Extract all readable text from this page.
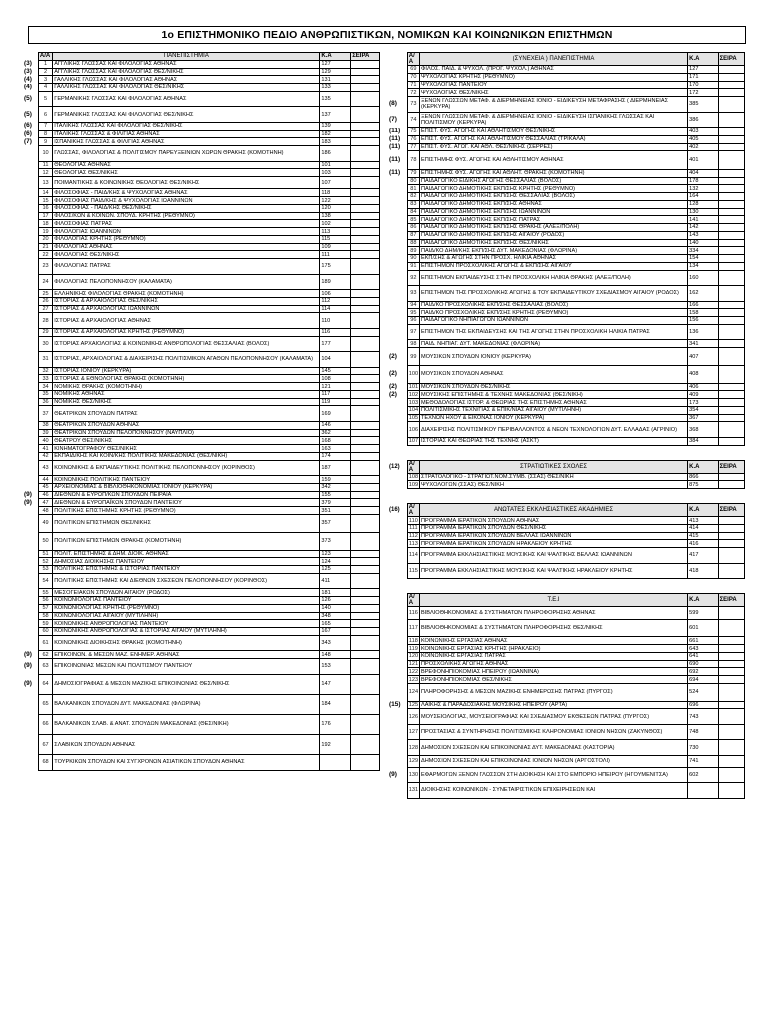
1ο ΕΠΙΣΤΗΜΟΝΙΚΟ ΠΕΔΙΟ ΑΝΘΡΩΠΙΣΤΙΚΩΝ, ΝΟΜΙΚΩΝ ΚΑΙ ΚΟΙΝΩΝΙΚΩΝ ΕΠΙΣΤΗΜΩΝ
	Α/Α	ΠΑΝΕΠΙΣΤΗΜΙΑ	Κ.Α	ΣΕΙΡΑ
(3)	1	ΑΓΓΛΙΚΗΣ ΓΛΩΣΣΑΣ ΚΑΙ ΦΙΛΟΛΟΓΙΑΣ ΑΘΗΝΑΣ	127	
(3)	2	ΑΓΓΛΙΚΗΣ ΓΛΩΣΣΑΣ ΚΑΙ ΦΙΛΟΛΟΓΙΑΣ ΘΕΣ/ΝΙΚΗΣ	129	
(4)	3	ΓΑΛΛΙΚΗΣ ΓΛΩΣΣΑΣ ΚΑΙ ΦΙΛΟΛΟΓΙΑΣ ΑΘΗΝΑΣ	131	
(4)	4	ΓΑΛΛΙΚΗΣ ΓΛΩΣΣΑΣ ΚΑΙ ΦΙΛΟΛΟΓΙΑΣ ΘΕΣ/ΝΙΚΗΣ	133	
(5)	5	ΓΕΡΜΑΝΙΚΗΣ ΓΛΩΣΣΑΣ ΚΑΙ ΦΙΛΟΛΟΓΙΑΣ ΑΘΗΝΑΣ	135	
(5)	6	ΓΕΡΜΑΝΙΚΗΣ ΓΛΩΣΣΑΣ ΚΑΙ ΦΙΛΟΛΟΓΙΑΣ ΘΕΣ/ΝΙΚΗΣ	137	
(6)	7	ΙΤΑΛΙΚΗΣ ΓΛΩΣΣΑΣ ΚΑΙ ΦΙΛΟΛΟΓΙΑΣ ΘΕΣ/ΝΙΚΗΣ	139	
(6)	8	ΙΤΑΛΙΚΗΣ ΓΛΩΣΣΑΣ & ΦΙΛ/ΓΙΑΣ ΑΘΗΝΑΣ	182	
(7)	9	ΙΣΠΑΝΙΚΗΣ ΓΛΩΣΣΑΣ & ΦΙΛ/ΓΙΑΣ ΑΘΗΝΑΣ	183	
	10	ΓΛΩΣΣΑΣ, ΦΙΛΟΛΟΓΙΑΣ & ΠΟΛΙΤΙΣΜΟΥ ΠΑΡΕΥΞΕΙΝΙΩΝ ΧΩΡΩΝ ΘΡΑΚΗΣ (ΚΟΜΟΤΗΝΗ)	186	
	11	ΘΕΟΛΟΓΙΑΣ ΑΘΗΝΑΣ	101	
	12	ΘΕΟΛΟΓΙΑΣ ΘΕΣ/ΝΙΚΗΣ	103	
	13	ΠΟΙΜΑΝΤΙΚΗΣ & ΚΟΙΝΩΝΙΚΗΣ ΘΕΟΛΟΓΙΑΣ ΘΕΣ/ΝΙΚΗΣ	107	
	14	ΦΙΛΟΣΟΦΙΑΣ - ΠΑΙΔ/ΚΗΣ & ΨΥΧΟΛΟΓΙΑΣ ΑΘΗΝΑΣ	118	
	15	ΦΙΛΟΣΟΦΙΑΣ ΠΑΙΔ/ΚΗΣ & ΨΥΧΟΛΟΓΙΑΣ ΙΩΑΝΝΙΝΩΝ	122	
	16	ΦΙΛΟΣΟΦΙΑΣ - ΠΑΙΔ/ΚΗΣ ΘΕΣ/ΝΙΚΗΣ	120	
	17	ΦΙΛΟΣ/ΚΩΝ & ΚΟΙΝΩΝ. ΣΠΟΥΔ. ΚΡΗΤΗΣ (ΡΕΘΥΜΝΟ)	138	
	18	ΦΙΛΟΣΟΦΙΑΣ ΠΑΤΡΑΣ	102	
	19	ΦΙΛΟΛΟΓΙΑΣ ΙΩΑΝΝΙΝΩΝ	113	
	20	ΦΙΛΟΛΟΓΙΑΣ ΚΡΗΤΗΣ (ΡΕΘΥΜΝΟ)	115	
	21	ΦΙΛΟΛΟΓΙΑΣ ΑΘΗΝΑΣ	109	
	22	ΦΙΛΟΛΟΓΙΑΣ ΘΕΣ/ΝΙΚΗΣ	111	
	23	ΦΙΛΟΛΟΓΙΑΣ ΠΑΤΡΑΣ	175	
	24	ΦΙΛΟΛΟΓΙΑΣ ΠΕΛΟΠΟΝΝΗΣΟΥ (ΚΑΛΑΜΑΤΑ)	189	
	25	ΕΛΛΗΝΙΚΗΣ ΦΙΛΟΛΟΓΙΑΣ ΘΡΑΚΗΣ (ΚΟΜΟΤΗΝΗ)	106	
	26	ΙΣΤΟΡΙΑΣ & ΑΡΧΑΙΟΛΟΓΙΑΣ ΘΕΣ/ΝΙΚΗΣ	112	
	27	ΙΣΤΟΡΙΑΣ & ΑΡΧΑΙΟΛΟΓΙΑΣ ΙΩΑΝΝΙΝΩΝ	114	
	28	ΙΣΤΟΡΙΑΣ & ΑΡΧΑΙΟΛΟΓΙΑΣ ΑΘΗΝΑΣ	110	
	29	ΙΣΤΟΡΙΑΣ & ΑΡΧΑΙΟΛΟΓΙΑΣ ΚΡΗΤΗΣ (ΡΕΘΥΜΝΟ)	116	
	30	ΙΣΤΟΡΙΑΣ ΑΡΧΑΙΟΛΟΓΙΑΣ & ΚΟΙΝΩΝΙΚΗΣ ΑΝΘΡΩΠΟΛΟΓΙΑΣ ΘΕΣΣΑΛΙΑΣ (ΒΟΛΟΣ)	177	
	31	ΙΣΤΟΡΙΑΣ, ΑΡΧΑΙΟΛΟΓΙΑΣ & ΔΙΑΧΕΙΡΙΣΗΣ ΠΟΛΙΤΙΣΜΙΚΩΝ ΑΓΑΘΩΝ ΠΕΛΟΠΟΝΝΗΣΟΥ (ΚΑΛΑΜΑΤΑ)	104	
	32	ΙΣΤΟΡΙΑΣ ΙΟΝΙΟΥ (ΚΕΡΚΥΡΑ)	145	
	33	ΙΣΤΟΡΙΑΣ & ΕΘΝΟΛΟΓΙΑΣ ΘΡΑΚΗΣ (ΚΟΜΟΤΗΝΗ)	108	
	34	ΝΟΜΙΚΗΣ ΘΡΑΚΗΣ (ΚΟΜΟΤΗΝΗ)	121	
	35	ΝΟΜΙΚΗΣ ΑΘΗΝΑΣ	117	
	36	ΝΟΜΙΚΗΣ ΘΕΣ/ΝΙΚΗΣ	119	
	37	ΘΕΑΤΡΙΚΩΝ ΣΠΟΥΔΩΝ ΠΑΤΡΑΣ	169	
	38	ΘΕΑΤΡΙΚΩΝ ΣΠΟΥΔΩΝ ΑΘΗΝΑΣ	146	
	39	ΘΕΑΤΡΙΚΩΝ ΣΠΟΥΔΩΝ ΠΕΛΟΠΟΝΝΗΣΟΥ (ΝΑΥΠΛΙΟ)	362	
	40	ΘΕΑΤΡΟΥ ΘΕΣ/ΝΙΚΗΣ	168	
	41	ΚΙΝΗΜΑΤΟΓΡΑΦΟΥ ΘΕΣ/ΝΙΚΗΣ	163	
	42	ΕΚΠΑΙΔ/ΚΗΣ ΚΑΙ ΚΟΙΝ/ΚΗΣ ΠΟΛΙΤΙΚΗΣ ΜΑΚΕΔΟΝΙΑΣ (ΘΕΣ/ΝΙΚΗ)	174	
	43	ΚΟΙΝΩΝΙΚΗΣ & ΕΚΠΑΙΔΕΥΤΙΚΗΣ ΠΟΛΙΤΙΚΗΣ ΠΕΛΟΠΟΝΝΗΣΟΥ (ΚΟΡΙΝΘΟΣ)	187	
	44	ΚΟΙΝΩΝΙΚΗΣ ΠΟΛΙΤΙΚΗΣ ΠΑΝΤΕΙΟΥ	159	
	45	ΑΡΧΕΙΟΝΟΜΙΑΣ & ΒΙΒΛΙΟΘΗΚΟΝΟΜΙΑΣ ΙΟΝΙΟΥ (ΚΕΡΚΥΡΑ)	342	
(9)	46	ΔΙΕΘΝΩΝ & ΕΥΡΩΠ/ΚΩΝ ΣΠΟΥΔΩΝ ΠΕΙΡΑΙΑ	155	
(9)	47	ΔΙΕΘΝΩΝ & ΕΥΡΩΠΑΪΚΩΝ ΣΠΟΥΔΩΝ ΠΑΝΤΕΙΟΥ	379	
	48	ΠΟΛΙΤΙΚΗΣ ΕΠΙΣΤΗΜΗΣ ΚΡΗΤΗΣ (ΡΕΘΥΜΝΟ)	351	
	49	ΠΟΛΙΤΙΚΩΝ ΕΠΙΣΤΗΜΩΝ ΘΕΣ/ΝΙΚΗΣ	357	
	50	ΠΟΛΙΤΙΚΩΝ ΕΠΙΣΤΗΜΩΝ ΘΡΑΚΗΣ (ΚΟΜΟΤΗΝΗ)	373	
	51	ΠΟΛΙΤ. ΕΠΙΣΤΗΜΗΣ & ΔΗΜ. ΔΙΟΙΚ. ΑΘΗΝΑΣ	123	
	52	ΔΗΜΟΣΙΑΣ ΔΙΟΙΚΗΣΗΣ ΠΑΝΤΕΙΟΥ	124	
	53	ΠΟΛΙΤΙΚΗΣ ΕΠΙΣΤΗΜΗΣ & ΙΣΤΟΡΙΑΣ ΠΑΝΤΕΙΟΥ	125	
	54	ΠΟΛΙΤΙΚΗΣ ΕΠΙΣΤΗΜΗΣ ΚΑΙ ΔΙΕΘΝΩΝ ΣΧΕΣΕΩΝ ΠΕΛΟΠΟΝΝΗΣΟΥ (ΚΟΡΙΝΘΟΣ)	411	
	55	ΜΕΣΟΓΕΙΑΚΩΝ ΣΠΟΥΔΩΝ ΑΙΓΑΙΟΥ (ΡΟΔΟΣ)	181	
	56	ΚΟΙΝΩΝΙΟΛΟΓΙΑΣ ΠΑΝΤΕΙΟΥ	126	
	57	ΚΟΙΝΩΝΙΟΛΟΓΙΑΣ ΚΡΗΤΗΣ (ΡΕΘΥΜΝΟ)	140	
	58	ΚΟΙΝΩΝΙΟΛΟΓΙΑΣ ΑΙΓΑΙΟΥ (ΜΥΤΙΛΗΝΗ)	348	
	59	ΚΟΙΝΩΝΙΚΗΣ ΑΝΘΡΩΠΟΛΟΓΙΑΣ ΠΑΝΤΕΙΟΥ	165	
	60	ΚΟΙΝΩΝΙΚΗΣ ΑΝΘΡΩΠΟΛΟΓΙΑΣ & ΙΣΤΟΡΙΑΣ ΑΙΓΑΙΟΥ (ΜΥΤΙΛΗΝΗ)	167	
	61	ΚΟΙΝΩΝΙΚΗΣ ΔΙΟΙΚΗΣΗΣ ΘΡΑΚΗΣ (ΚΟΜΟΤΗΝΗ)	343	
(9)	62	ΕΠΙΚΟΙΝΩΝ. & ΜΕΣΩΝ ΜΑΖ. ΕΝΗΜΕΡ. ΑΘΗΝΑΣ	148	
(9)	63	ΕΠΙΚΟΙΝΩΝΙΑΣ ΜΕΣΩΝ ΚΑΙ ΠΟΛΙΤΙΣΜΟΥ ΠΑΝΤΕΙΟΥ	153	
(9)	64	ΔΗΜΟΣΙΟΓΡΑΦΙΑΣ & ΜΕΣΩΝ ΜΑΖΙΚΗΣ ΕΠΙΚΟΙΝΩΝΙΑΣ ΘΕΣ/ΝΙΚΗΣ	147	
	65	ΒΑΛΚΑΝΙΚΩΝ ΣΠΟΥΔΩΝ ΔΥΤ. ΜΑΚΕΔΟΝΙΑΣ (ΦΛΩΡΙΝΑ)	184	
	66	ΒΑΛΚΑΝΙΚΩΝ ΣΛΑΒ. & ΑΝΑΤ. ΣΠΟΥΔΩΝ ΜΑΚΕΔΟΝΙΑΣ (ΘΕΣ/ΝΙΚΗ)	176	
	67	ΣΛΑΒΙΚΩΝ ΣΠΟΥΔΩΝ ΑΘΗΝΑΣ	192	
	68	ΤΟΥΡΚΙΚΩΝ ΣΠΟΥΔΩΝ ΚΑΙ ΣΥΓΧΡΟΝΩΝ ΑΣΙΑΤΙΚΩΝ ΣΠΟΥΔΩΝ ΑΘΗΝΑΣ		
	Α/Α	(ΣΥΝΕΧΕΙΑ ) ΠΑΝΕΠΙΣΤΗΜΙΑ	Κ.Α	ΣΕΙΡΑ
	69	ΦΙΛΟΣ. ΠΑΙΔ. & ΨΥΧΟΛ. (ΠΡΟΓ. ΨΥΧΟΛ.) ΑΘΗΝΑΣ	127	
	70	ΨΥΧΟΛΟΓΙΑΣ ΚΡΗΤΗΣ (ΡΕΘΥΜΝΟ)	171	
	71	ΨΥΧΟΛΟΓΙΑΣ ΠΑΝΤΕΙΟΥ	170	
	72	ΨΥΧΟΛΟΓΙΑΣ ΘΕΣ/ΝΙΚΗΣ	172	
(8)	73	ΞΕΝΩΝ ΓΛΩΣΣΩΝ ΜΕΤΑΦ. & ΔΙΕΡΜΗΝΕΙΑΣ ΙΟΝΙΟ - ΕΙΔΙΚΕΥΣΗ ΜΕΤΑΦΡΑΣΗΣ ( ΔΙΕΡΜΗΝΕΙΑΣ (ΚΕΡΚΥΡΑ)	385	
(7)	74	ΞΕΝΩΝ ΓΛΩΣΣΩΝ ΜΕΤΑΦ. & ΔΙΕΡΜΗΝΕΙΑΣ ΙΟΝΙΟ - ΕΙΔΙΚΕΥΣΗ ΙΣΠΑΝΙΚΗΣ ΓΛΩΣΣΑΣ ΚΑΙ ΠΟΛΙΤΙΣΜΟΥ (ΚΕΡΚΥΡΑ)	386	
(11)	75	ΕΠΙΣΤ. ΦΥΣ. ΑΓΩΓΗΣ ΚΑΙ ΑΘΛΗΤΙΣΜΟΥ ΘΕΣ/ΝΙΚΗΣ	403	
(11)	76	ΕΠΙΣΤ. ΦΥΣ. ΑΓΩΓΗΣ ΚΑΙ ΑΘΛΗΤΙΣΜΟΥ ΘΕΣΣΑΛΙΑΣ (ΤΡΙΚΑΛΑ)	405	
(11)	77	ΕΠΙΣΤ. ΦΥΣ. ΑΓΩΓ. ΚΑΙ ΑΘΛ. ΘΕΣ/ΝΙΚΗΣ (ΣΕΡΡΕΣ)	402	
(11)	78	ΕΠΙΣΤΗΜΗΣ ΦΥΣ. ΑΓΩΓΗΣ ΚΑΙ ΑΘΛΗΤΙΣΜΟΥ ΑΘΗΝΑΣ	401	
(11)	79	ΕΠΙΣΤΗΜΗΣ ΦΥΣ. ΑΓΩΓΗΣ ΚΑΙ ΑΘΛΗΤ. ΘΡΑΚΗΣ (ΚΟΜΟΤΗΝΗ)	404	
	80	ΠΑΙΔΑΓΩΓΙΚΟ ΕΙΔΙΚΗΣ ΑΓΩΓΗΣ ΘΕΣΣΑΛΙΑΣ (ΒΟΛΟΣ)	178	
	81	ΠΑΙΔΑΓΩΓΙΚΟ ΔΗΜΟΤΙΚΗΣ ΕΚΠ/ΣΗΣ ΚΡΗΤΗΣ (ΡΕΘΥΜΝΟ)	132	
	82	ΠΑΙΔΑΓΩΓΙΚΟ ΔΗΜΟΤΙΚΗΣ ΕΚΠ/ΣΗΣ ΘΕΣΣΑΛΙΑΣ (ΒΟΛΟΣ)	164	
	83	ΠΑΙΔΑΓΩΓΙΚΟ ΔΗΜΟΤΙΚΗΣ ΕΚΠ/ΣΗΣ ΑΘΗΝΑΣ	128	
	84	ΠΑΙΔΑΓΩΓΙΚΟ ΔΗΜΟΤΙΚΗΣ ΕΚΠ/ΣΗΣ ΙΩΑΝΝΙΝΩΝ	130	
	85	ΠΑΙΔΑΓΩΓΙΚΟ ΔΗΜΟΤΙΚΗΣ ΕΚΠ/ΣΗΣ ΠΑΤΡΑΣ	141	
	86	ΠΑΙΔΑΓΩΓΙΚΟ ΔΗΜΟΤΙΚΗΣ ΕΚΠ/ΣΗΣ ΘΡΑΚΗΣ (ΑΛΕΞ/ΠΟΛΗ)	142	
	87	ΠΑΙΔΑΓΩΓΙΚΟ ΔΗΜΟΤΙΚΗΣ ΕΚΠ/ΣΗΣ ΑΙΓΑΙΟΥ (ΡΟΔΟΣ)	143	
	88	ΠΑΙΔΑΓΩΓΙΚΟ ΔΗΜΟΤΙΚΗΣ ΕΚΠ/ΣΗΣ ΘΕΣ/ΝΙΚΗΣ	140	
	89	ΠΑΙΔ/ΚΟ ΔΗΜ/ΚΗΣ ΕΚΠ/ΣΗΣ ΔΥΤ. ΜΑΚΕΔΟΝΙΑΣ (ΦΛΩΡΙΝΑ)	334	
	90	ΕΚΠ/ΣΗΣ & ΑΓΩΓΗΣ ΣΤΗΝ ΠΡΟΣΧ. ΗΛΙΚΙΑ ΑΘΗΝΑΣ	154	
	91	ΕΠΙΣΤΗΜΩΝ ΠΡΟΣΧΟΛΙΚΗΣ ΑΓΩΓΗΣ & ΕΚΠ/ΣΗΣ ΑΙΓΑΙΟΥ	134	
	92	ΕΠΙΣΤΗΜΩΝ ΕΚΠΑΙΔΕΥΣΗΣ ΣΤΗΝ ΠΡΟΣΧΟΛΙΚΗ ΗΛΙΚΙΑ ΘΡΑΚΗΣ (ΑΛΕΞ/ΠΟΛΗ)	160	
	93	ΕΠΙΣΤΗΜΩΝ ΤΗΣ ΠΡΟΣΧΟΛΙΚΗΣ ΑΓΩΓΗΣ & ΤΟΥ ΕΚΠΑΙΔΕΥΤΙΚΟΥ ΣΧΕΔΙΑΣΜΟΥ ΑΙΓΑΙΟΥ (ΡΟΔΟΣ)	162	
	94	ΠΑΙΔ/ΚΟ ΠΡΟΣΧΟΛΙΚΗΣ ΕΚΠ/ΣΗΣ ΘΕΣΣΑΛΙΑΣ (ΒΟΛΟΣ)	166	
	95	ΠΑΙΔ/ΚΟ ΠΡΟΣΧΟΛΙΚΗΣ ΕΚΠ/ΣΗΣ ΚΡΗΤΗΣ (ΡΕΘΥΜΝΟ)	158	
	96	ΠΑΙΔΑΓΩΓΙΚΟ ΝΗΠΙΑΓΩΓΩΝ ΙΩΑΝΝΙΝΩΝ	156	
	97	ΕΠΙΣΤΗΜΩΝ ΤΗΣ ΕΚΠΑΙΔΕΥΣΗΣ ΚΑΙ ΤΗΣ ΑΓΩΓΗΣ ΣΤΗΝ ΠΡΟΣΧΟΛΙΚΗ ΗΛΙΚΙΑ ΠΑΤΡΑΣ	136	
	98	ΠΑΙΔ. ΝΗΠΙΑΓ. ΔΥΤ. ΜΑΚΕΔΟΝΙΑΣ (ΦΛΩΡΙΝΑ)	341	
(2)	99	ΜΟΥΣΙΚΩΝ ΣΠΟΥΔΩΝ ΙΟΝΙΟΥ (ΚΕΡΚΥΡΑ)	407	
(2)	100	ΜΟΥΣΙΚΩΝ ΣΠΟΥΔΩΝ ΑΘΗΝΑΣ	408	
(2)	101	ΜΟΥΣΙΚΩΝ ΣΠΟΥΔΩΝ ΘΕΣ/ΝΙΚΗΣ	406	
(2)	102	ΜΟΥΣΙΚΗΣ ΕΠΙΣΤΗΜΗΣ & ΤΕΧΝΗΣ ΜΑΚΕΔΟΝΙΑΣ (ΘΕΣ/ΝΙΚΗ)	409	
	103	ΜΕΘΟΔΟΛΟΓΙΑΣ ΙΣΤΟΡ. & ΘΕΩΡΙΑΣ ΤΗΣ ΕΠΙΣΤΗΜΗΣ ΑΘΗΝΑΣ	173	
	104	ΠΟΛΙΤΙΣΜΙΚΗΣ ΤΕΧΝ/ΓΙΑΣ & ΕΠΙΚ/ΝΙΑΣ ΑΙΓΑΙΟΥ (ΜΥΤΙΛΗΝΗ)	354	
	105	ΤΕΧΝΩΝ ΗΧΟΥ & ΕΙΚΟΝΑΣ ΙΟΝΙΟΥ (ΚΕΡΚΥΡΑ)	367	
	106	ΔΙΑΧΕΙΡΙΣΗΣ ΠΟΛΙΤΙΣΜΙΚΟΥ ΠΕΡΙΒΑΛΛΟΝΤΟΣ & ΝΕΩΝ ΤΕΧΝΟΛΟΓΙΩΝ ΔΥΤ. ΕΛΛΑΔΑΣ (ΑΓΡΙΝΙΟ)	368	
	107	ΙΣΤΟΡΙΑΣ ΚΑΙ ΘΕΩΡΙΑΣ ΤΗΣ ΤΕΧΝΗΣ (ΑΣΚΤ)	384	

(12)	Α/Α	ΣΤΡΑΤΙΩΤΙΚΕΣ ΣΧΟΛΕΣ	Κ.Α	ΣΕΙΡΑ
	108	ΣΤΡΑΤΟΛΟΓΙΚΟ - ΣΤΡΑΤΙΩΤ.ΝΟΜ.ΣΥΜΒ. (ΣΣΑΣ) ΘΕΣ/ΝΙΚΗ	866	
	109	ΨΥΧΟΛΟΓΩΝ (ΣΣΑΣ) ΘΕΣ/ΝΙΚΗ	875	

(16)	Α/Α	ΑΝΩΤΑΤΕΣ ΕΚΚΛΗΣΙΑΣΤΙΚΕΣ ΑΚΑΔΗΜΙΕΣ	Κ.Α	ΣΕΙΡΑ
	110	ΠΡΟΓΡΑΜΜΑ ΙΕΡΑΤΙΚΩΝ ΣΠΟΥΔΩΝ ΑΘΗΝΑΣ	413	
	111	ΠΡΟΓΡΑΜΜΑ ΙΕΡΑΤΙΚΩΝ ΣΠΟΥΔΩΝ ΘΕΣ/ΝΙΚΗΣ	414	
	112	ΠΡΟΓΡΑΜΜΑ ΙΕΡΑΤΙΚΩΝ ΣΠΟΥΔΩΝ ΒΕΛΛΑΣ ΙΩΑΝΝΙΝΩΝ	415	
	113	ΠΡΟΓΡΑΜΜΑ ΙΕΡΑΤΙΚΩΝ ΣΠΟΥΔΩΝ ΗΡΑΚΛΕΙΟΥ ΚΡΗΤΗΣ	416	
	114	ΠΡΟΓΡΑΜΜΑ ΕΚΚΛΗΣΙΑΣΤΙΚΗΣ ΜΟΥΣΙΚΗΣ ΚΑΙ ΨΑΛΤΙΚΗΣ ΒΕΛΛΑΣ ΙΩΑΝΝΙΝΩΝ	417	
	115	ΠΡΟΓΡΑΜΜΑ ΕΚΚΛΗΣΙΑΣΤΙΚΗΣ ΜΟΥΣΙΚΗΣ ΚΑΙ ΨΑΛΤΙΚΗΣ ΗΡΑΚΛΕΙΟΥ ΚΡΗΤΗΣ	418	

	Α/Α	Τ.Ε.Ι	Κ.Α	ΣΕΙΡΑ
	116	ΒΙΒΛΙΟΘΗΚΟΝΟΜΙΑΣ & ΣΥΣΤΗΜΑΤΩΝ ΠΛΗΡΟΦΟΡΗΣΗΣ ΑΘΗΝΑΣ	599	
	117	ΒΙΒΛΙΟΘΗΚΟΝΟΜΙΑΣ & ΣΥΣΤΗΜΑΤΩΝ ΠΛΗΡΟΦΟΡΗΣΗΣ ΘΕΣ/ΝΙΚΗΣ	601	
	118	ΚΟΙΝΩΝΙΚΗΣ ΕΡΓΑΣΙΑΣ ΑΘΗΝΑΣ	661	
	119	ΚΟΙΝΩΝΙΚΗΣ ΕΡΓΑΣΙΑΣ ΚΡΗΤΗΣ (ΗΡΑΚΛΕΙΟ)	643	
	120	ΚΟΙΝΩΝΙΚΗΣ ΕΡΓΑΣΙΑΣ ΠΑΤΡΑΣ	641	
	121	ΠΡΟΣΧΟΛΙΚΗΣ ΑΓΩΓΗΣ ΑΘΗΝΑΣ	690	
	122	ΒΡΕΦΟΝΗΠΙΟΚΟΜΙΑΣ ΗΠΕΙΡΟΥ (ΙΩΑΝΝΙΝΑ)	692	
	123	ΒΡΕΦΟΝΗΠΙΟΚΟΜΙΑΣ ΘΕΣ/ΝΙΚΗΣ	694	
	124	ΠΛΗΡΟΦΟΡΗΣΗΣ & ΜΕΣΩΝ ΜΑΖΙΚΗΣ ΕΝΗΜΕΡΩΣΗΣ ΠΑΤΡΑΣ (ΠΥΡΓΟΣ)	524	
(15)	125	ΛΑΪΚΗΣ & ΠΑΡΑΔΟΣΙΑΚΗΣ ΜΟΥΣΙΚΗΣ ΗΠΕΙΡΟΥ (ΑΡΤΑ)	696	
	126	ΜΟΥΣΕΙΟΛΟΓΙΑΣ, ΜΟΥΣΕΙΟΓΡΑΦΙΑΣ ΚΑΙ ΣΧΕΔΙΑΣΜΟΥ ΕΚΘΕΣΕΩΝ ΠΑΤΡΑΣ (ΠΥΡΓΟΣ)	743	
	127	ΠΡΟΣΤΑΣΙΑΣ & ΣΥΝΤΗΡΗΣΗΣ ΠΟΛΙΤΙΣΜΙΚΗΣ ΚΛΗΡΟΝΟΜΙΑΣ ΙΟΝΙΩΝ ΝΗΣΩΝ (ΖΑΚΥΝΘΟΣ)	748	
	128	ΔΗΜΟΣΙΩΝ ΣΧΕΣΕΩΝ ΚΑΙ ΕΠΙΚΟΙΝΩΝΙΑΣ ΔΥΤ. ΜΑΚΕΔΟΝΙΑΣ (ΚΑΣΤΟΡΙΑ)	730	
	129	ΔΗΜΟΣΙΩΝ ΣΧΕΣΕΩΝ ΚΑΙ ΕΠΙΚΟΙΝΩΝΙΑΣ ΙΟΝΙΩΝ ΝΗΣΩΝ (ΑΡΓΟΣΤΟΛΙ)	741	
(9)	130	ΕΦΑΡΜΟΓΩΝ ΞΕΝΩΝ ΓΛΩΣΣΩΝ ΣΤΗ ΔΙΟΙΚΗΣΗ ΚΑΙ ΣΤΟ ΕΜΠΟΡΙΟ ΗΠΕΙΡΟΥ (ΗΓΟΥΜΕΝΙΤΣΑ)	602	
	131	ΔΙΟΙΚΗΣΗΣ ΚΟΙΝΩΝΙΚΩΝ - ΣΥΝΕΤΑΙΡΙΣΤΙΚΩΝ ΕΠΙΧΕΙΡΗΣΕΩΝ ΚΑΙ		
